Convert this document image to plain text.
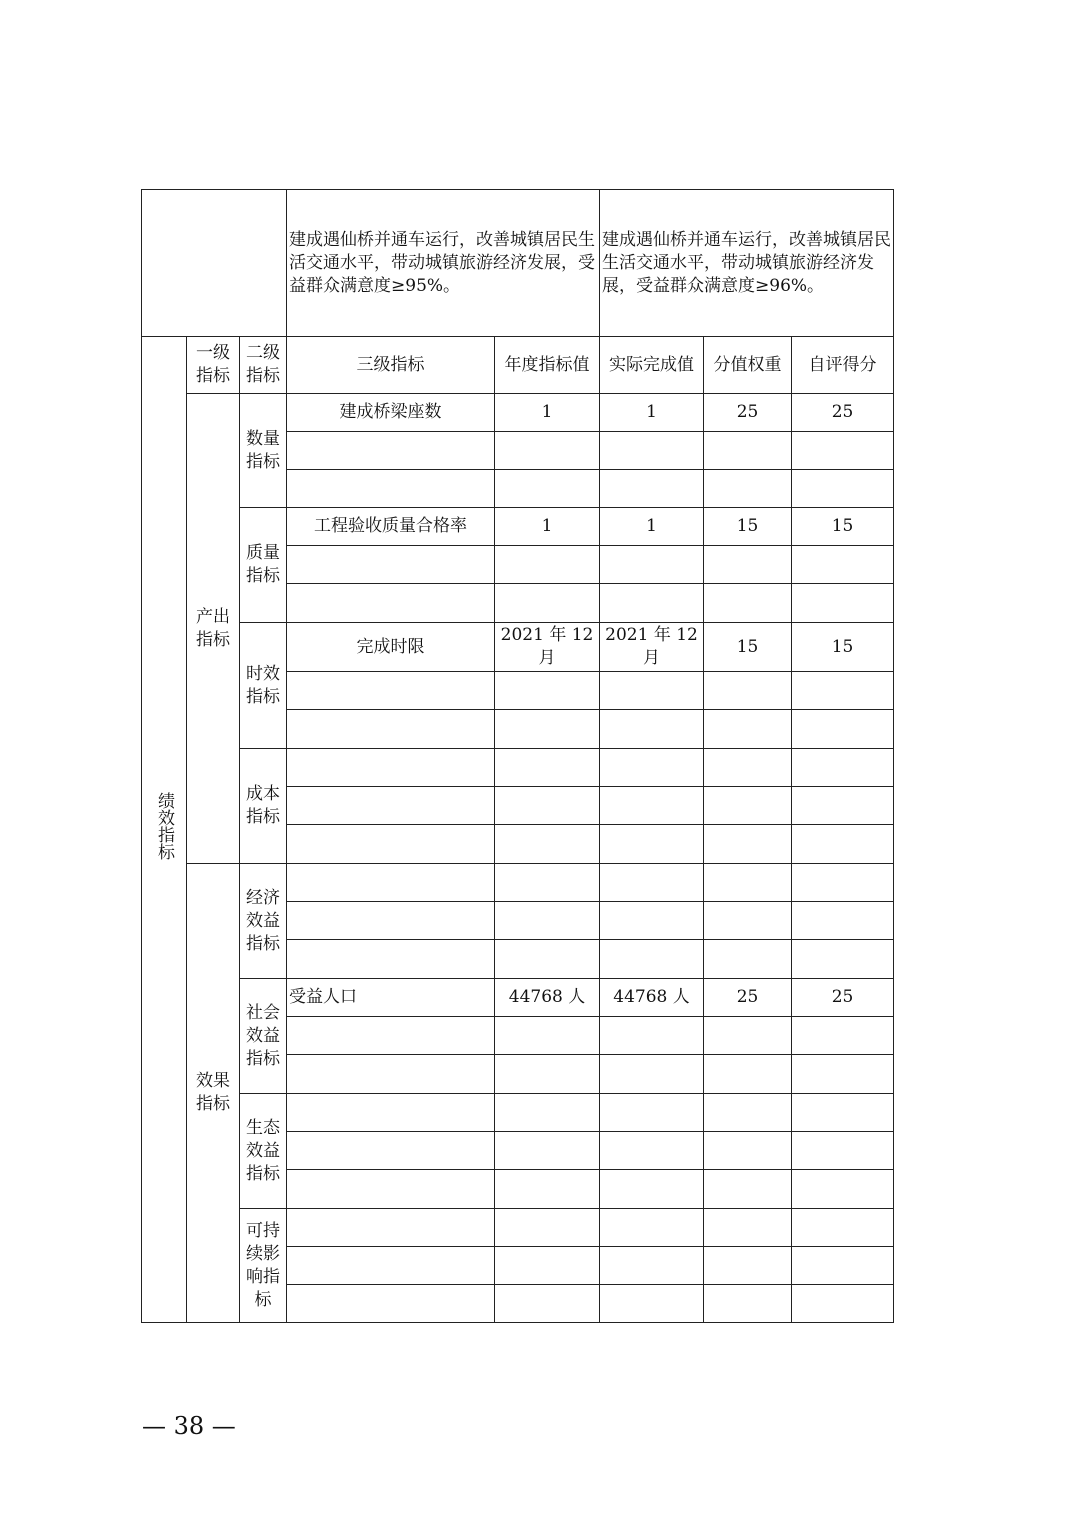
			建成遇仙桥并通车运行，改善城镇居民生活交通水平，带动城镇旅游经济发展，受益群众满意度≥95%。		建成遇仙桥并通车运行，改善城镇居民生活交通水平，带动城镇旅游经济发展，受益群众满意度≥96%。		
绩效指标	一级指标	二级指标	三级指标	年度指标值	实际完成值	分值权重	自评得分
	产出指标	数量指标	建成桥梁座数	1	1	25	25

		质量指标	工程验收质量合格率	1	1	15	15

		时效指标	完成时限	2021 年 12 月	2021 年 12 月	15	15

		成本指标					

	效果指标	经济效益指标					

		社会效益指标	受益人口	44768 人	44768 人	25	25

		生态效益指标					

		可持续影响指标					

— 38 —
